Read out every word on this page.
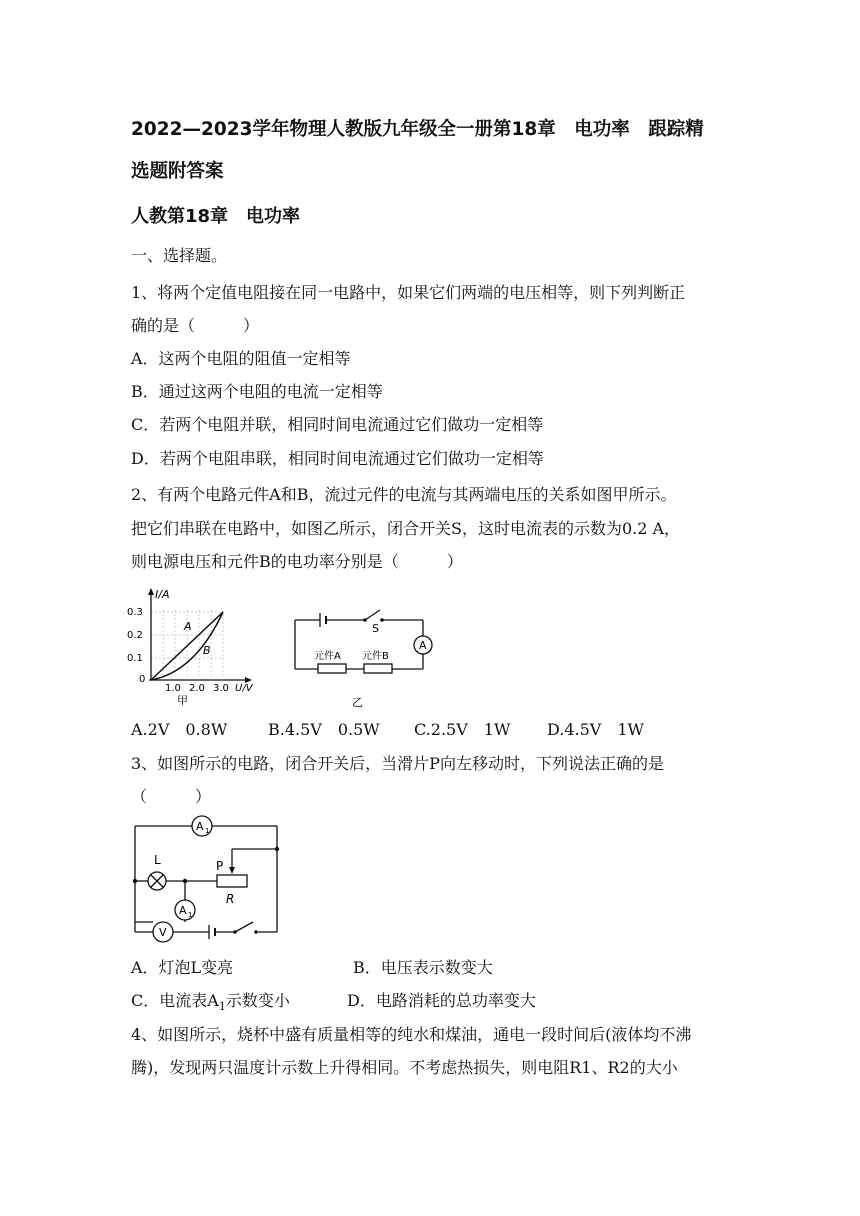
2022—2023学年物理人教版九年级全一册第18章　电功率　跟踪精
选题附答案
人教第18章　电功率
一、选择题。
1、将两个定值电阻接在同一电路中，如果它们两端的电压相等，则下列判断正
确的是（　　　）
A．这两个电阻的阻值一定相等
B．通过这两个电阻的电流一定相等
C．若两个电阻并联，相同时间电流通过它们做功一定相等
D．若两个电阻串联，相同时间电流通过它们做功一定相等
2、有两个电路元件A和B，流过元件的电流与其两端电压的关系如图甲所示。
把它们串联在电路中，如图乙所示，闭合开关S，这时电流表的示数为0.2 A，
则电源电压和元件B的电功率分别是（　　　）
I/A
0.3
0.2
0.1
0
1.0 2.0 3.0 U/V
A
B
甲
S
A
元件A 元件B
乙
A.2V　0.8W	B.4.5V　0.5W C.2.5V　1W D.4.5V　1W
3、如图所示的电路，闭合开关后，当滑片P向左移动时，下列说法正确的是
（　　　）
A 1
L	P
R
A 1
V
A．灯泡L变亮	B．电压表示数变大
C．电流表$A_1$示数变小	D．电路消耗的总功率变大
4、如图所示，烧杯中盛有质量相等的纯水和煤油，通电一段时间后(液体均不沸
腾)，发现两只温度计示数上升得相同。不考虑热损失，则电阻R1、R2的大小
